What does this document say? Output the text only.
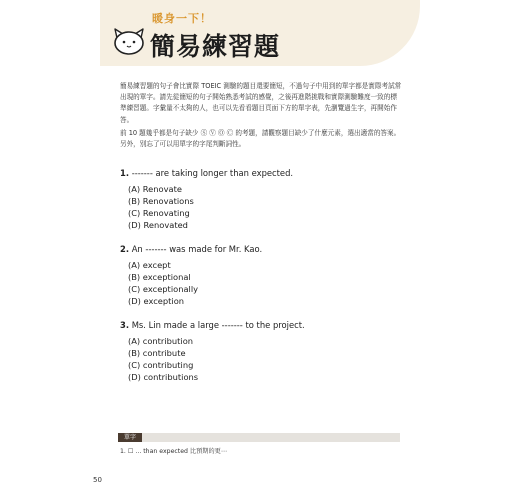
暖身一下！
簡易練習題
簡易練習題的句子會比實際 TOEIC 測驗的題目還要簡短，不過句子中用到的單字都是實際考試常出現的單字。請先從簡短的句子開始熟悉考試的感覺，之後再進階挑戰和實際測驗難度一致的標準練習題。字彙量不太夠的人，也可以先看看題目頁面下方的單字表，先瀏覽過生字，再開始作答。
前 10 題幾乎都是句子缺少 Ⓢ Ⓥ Ⓞ Ⓒ 的考題，請觀察題目缺少了什麼元素，選出適當的答案。另外，別忘了可以用單字的字尾判斷詞性。
1. ------- are taking longer than expected.
(A) Renovate
(B) Renovations
(C) Renovating
(D) Renovated
2. An ------- was made for Mr. Kao.
(A) except
(B) exceptional
(C) exceptionally
(D) exception
3. Ms. Lin made a large ------- to the project.
(A) contribution
(B) contribute
(C) contributing
(D) contributions
單字
1. ☐ ... than expected 比預期的更⋯
50
